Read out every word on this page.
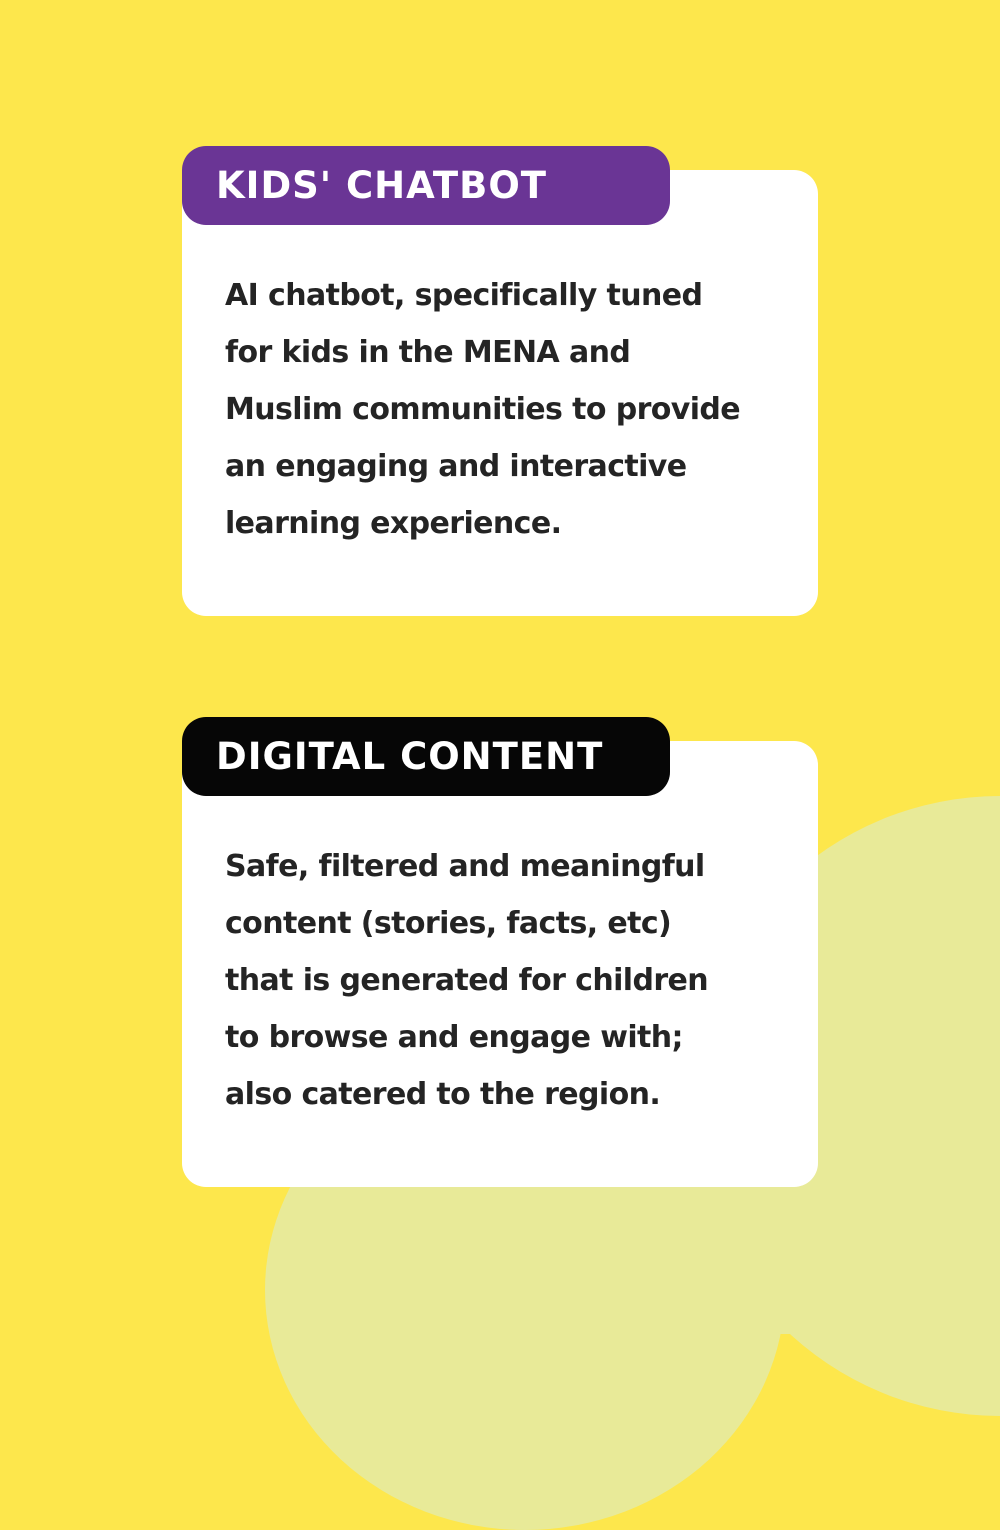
KIDS' CHATBOT

AI chatbot, specifically tuned
for kids in the MENA and
Muslim communities to provide
an engaging and interactive
learning experience.

DIGITAL CONTENT

Safe, filtered and meaningful
content (stories, facts, etc)
that is generated for children
to browse and engage with;
also catered to the region.
